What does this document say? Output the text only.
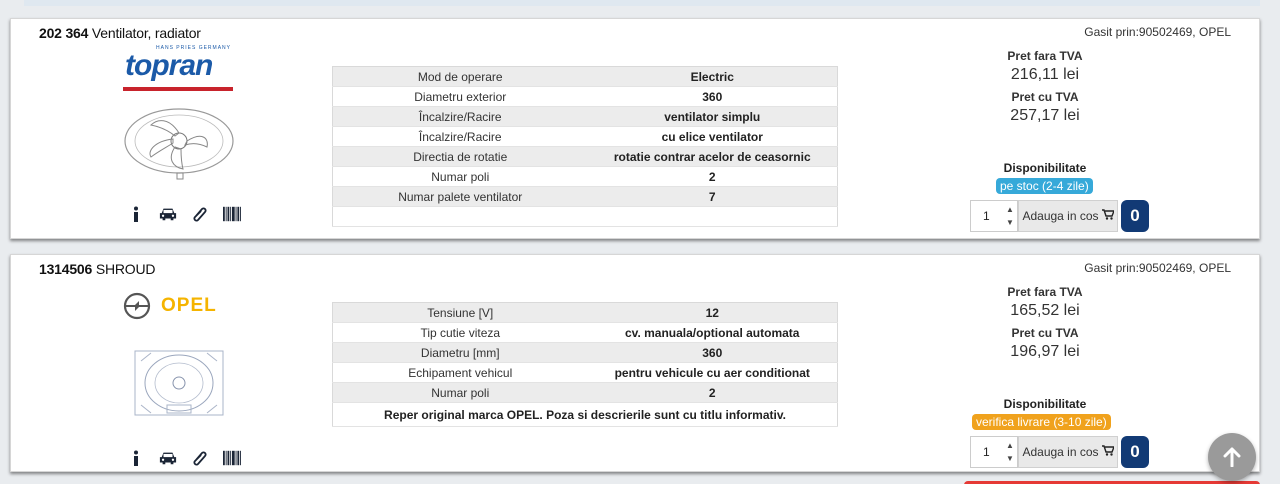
202 364 Ventilator, radiator	Gasit prin:90502469, OPEL
HANS PRIES GERMANY
topran	Mod de operare	Electric
Diametru exterior	360
Încalzire/Racire	ventilator simplu
Încalzire/Racire	cu elice ventilator
Directia de rotatie	rotatie contrar acelor de ceasornic
Numar poli	2
Numar palete ventilator	7

Pret fara TVA
216,11 lei
Pret cu TVA
257,17 lei
Disponibilitate
pe stoc (2-4 zile)
1	▲
▼ Adauga in cos	0
1314506 SHROUD	Gasit prin:90502469, OPEL
OPEL	Tensiune [V]	12
Tip cutie viteza	cv. manuala/optional automata
Diametru [mm]	360
Echipament vehicul	pentru vehicule cu aer conditionat
Numar poli	2
Reper original marca OPEL. Poza si descrierile sunt cu titlu informativ.	
Pret fara TVA
165,52 lei
Pret cu TVA
196,97 lei
Disponibilitate
verifica livrare (3-10 zile)
1	▲
▼ Adauga in cos	0
